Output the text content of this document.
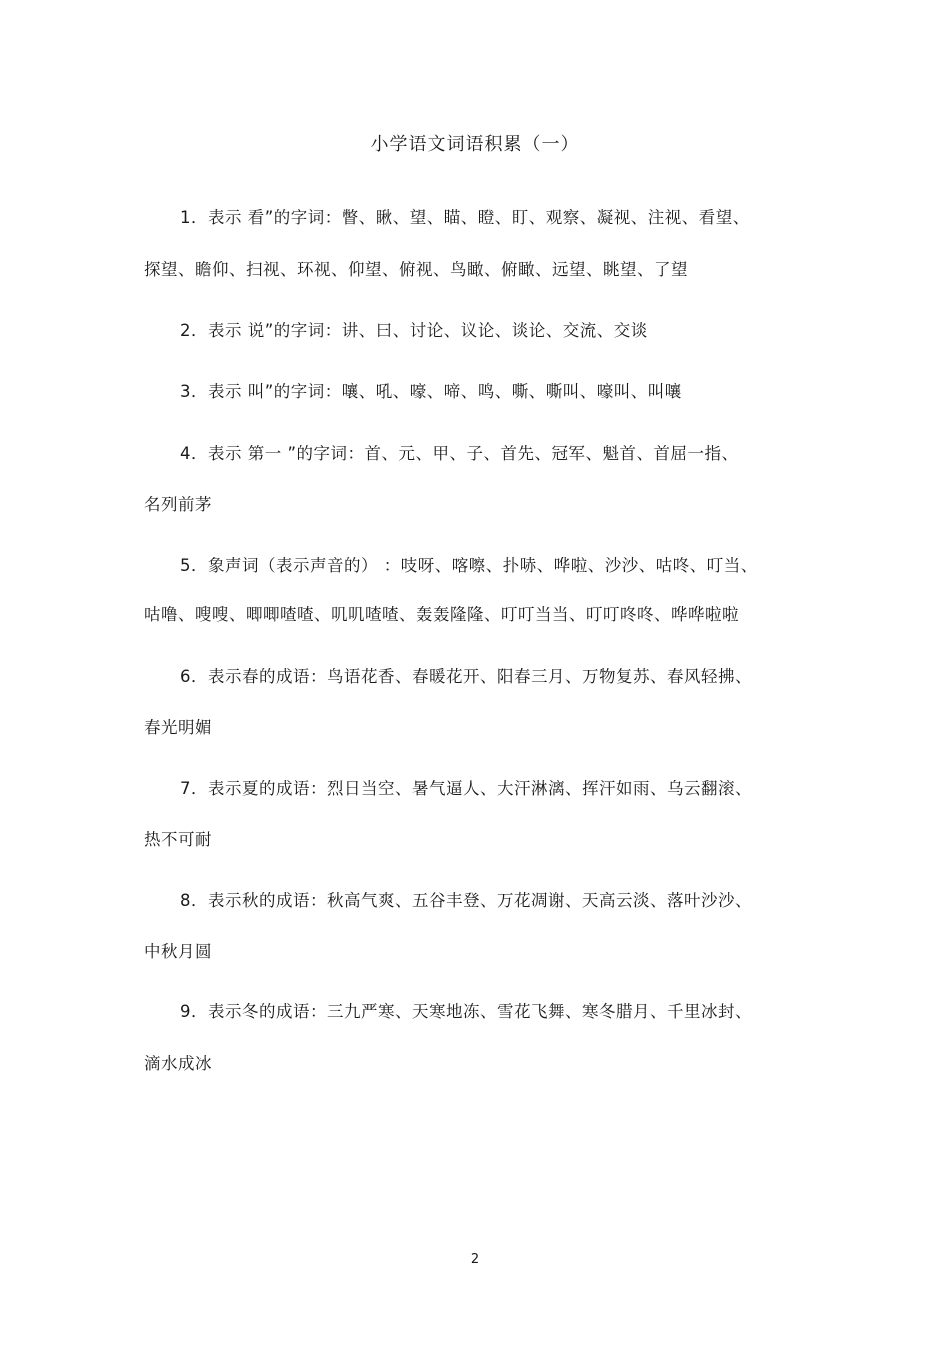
小学语文词语积累（一）
1．表示 看”的字词：瞥、瞅、望、瞄、瞪、盯、观察、凝视、注视、看望、
探望、瞻仰、扫视、环视、仰望、俯视、鸟瞰、俯瞰、远望、眺望、了望
2．表示 说”的字词：讲、曰、讨论、议论、谈论、交流、交谈
3．表示 叫”的字词：嚷、吼、嚎、啼、鸣、嘶、嘶叫、嚎叫、叫嚷
4．表示 第一 ”的字词：首、元、甲、子、首先、冠军、魁首、首屈一指、
名列前茅
5．象声词（表示声音的） ：吱呀、喀嚓、扑哧、哗啦、沙沙、咕咚、叮当、
咕噜、嗖嗖、唧唧喳喳、叽叽喳喳、轰轰隆隆、叮叮当当、叮叮咚咚、哗哗啦啦
6．表示春的成语：鸟语花香、春暖花开、阳春三月、万物复苏、春风轻拂、
春光明媚
7．表示夏的成语：烈日当空、暑气逼人、大汗淋漓、挥汗如雨、乌云翻滚、
热不可耐
8．表示秋的成语：秋高气爽、五谷丰登、万花凋谢、天高云淡、落叶沙沙、
中秋月圆
9．表示冬的成语：三九严寒、天寒地冻、雪花飞舞、寒冬腊月、千里冰封、
滴水成冰
2
